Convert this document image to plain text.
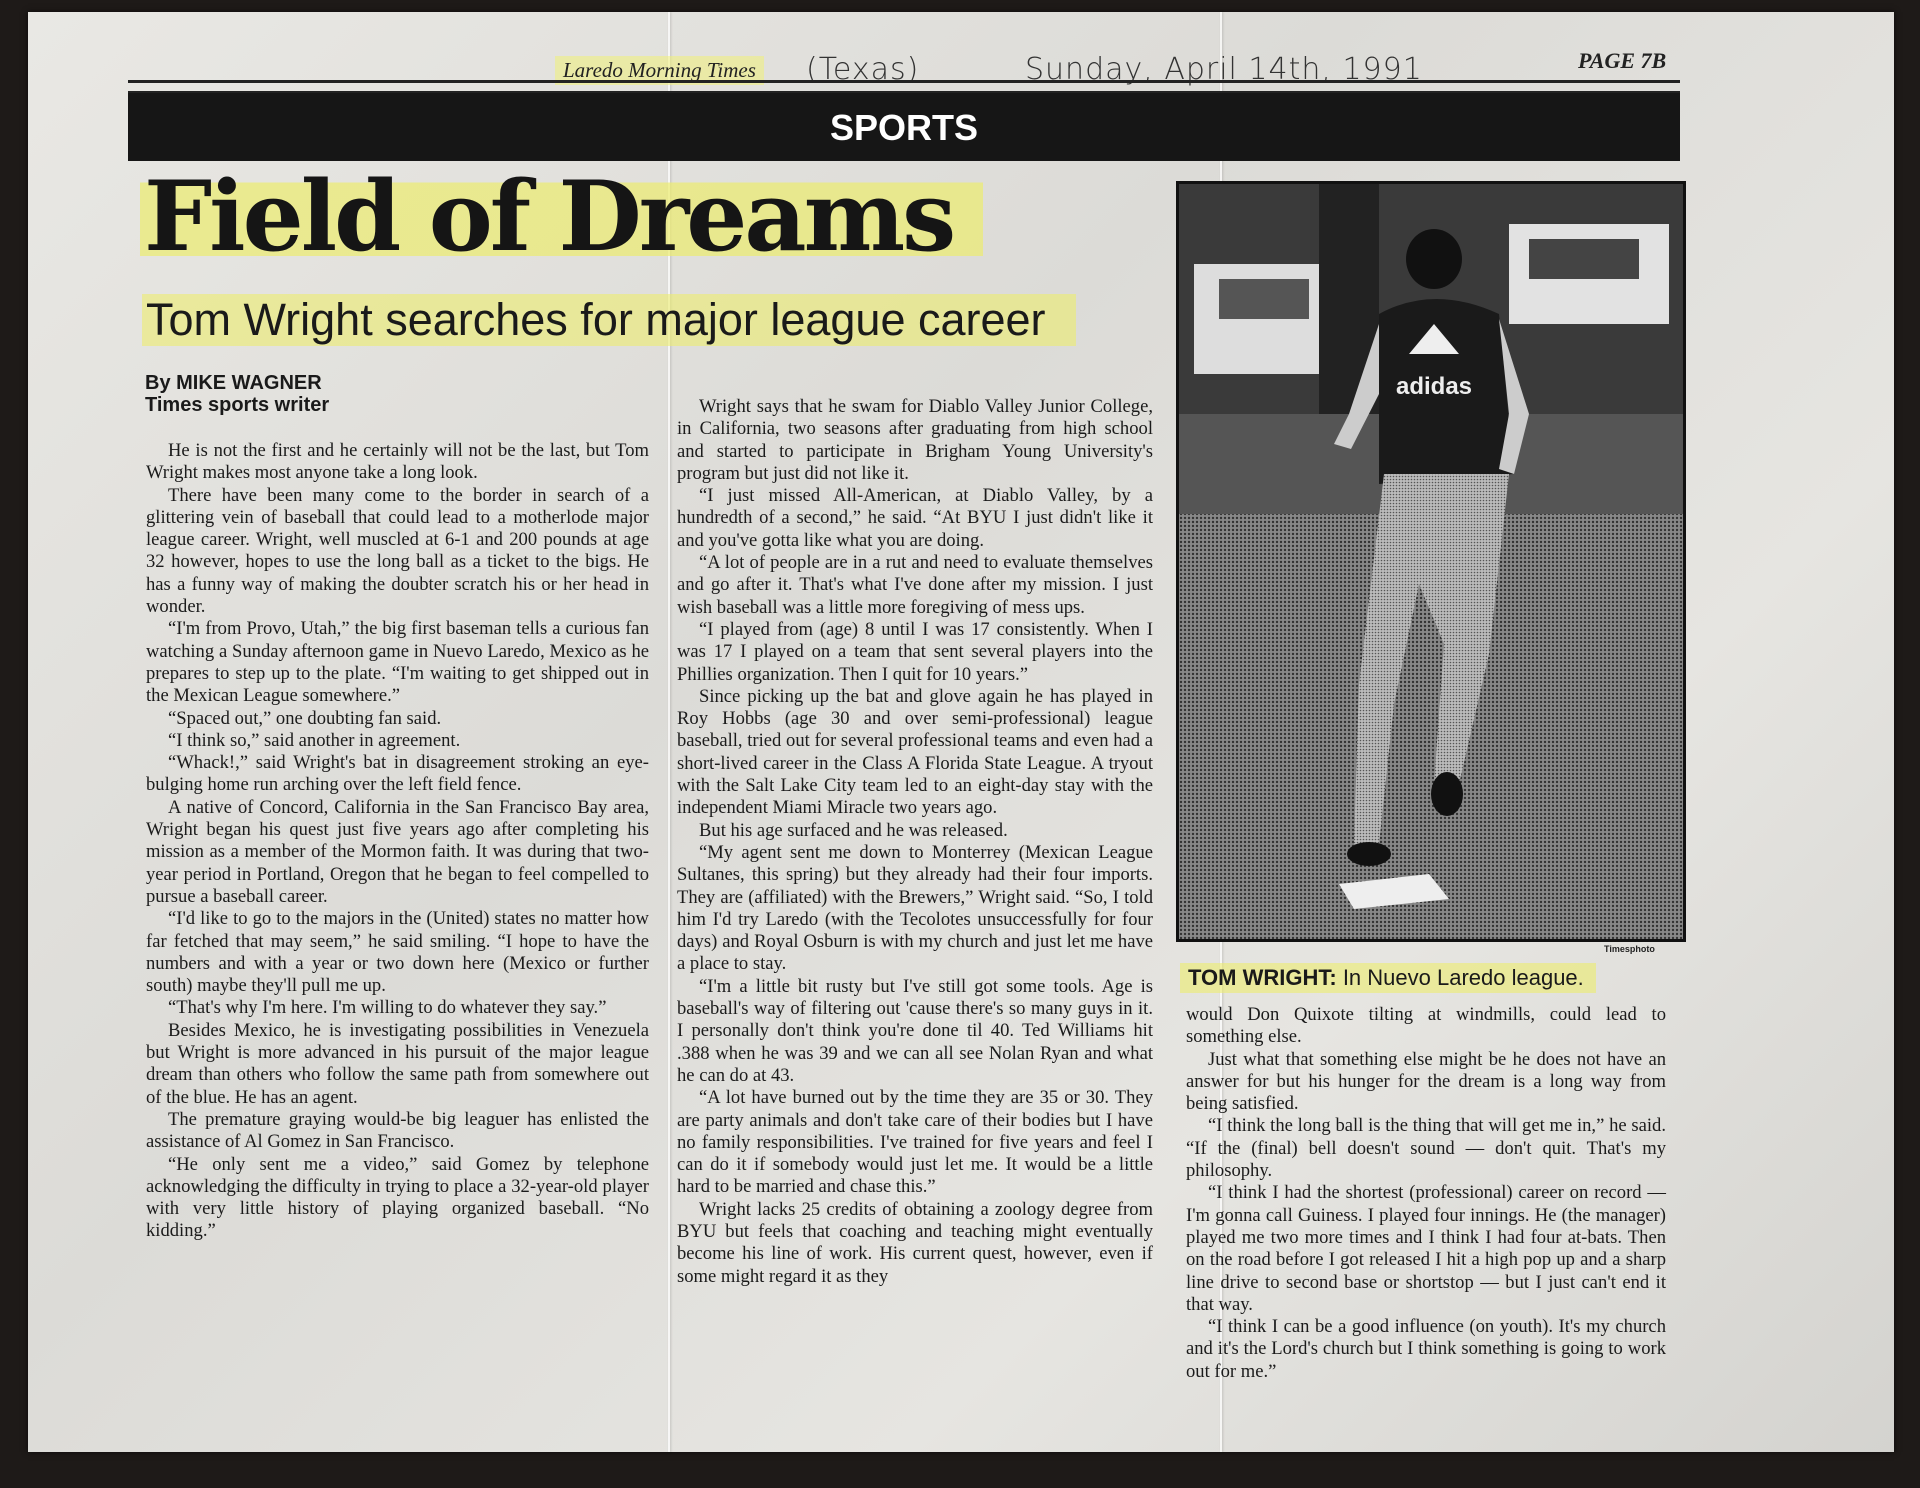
Laredo Morning Times (Texas)	Sunday, April 14th, 1991	PAGE 7B
SPORTS
Field of Dreams
Tom Wright searches for major league career
By MIKE WAGNER
Times sports writer

He is not the first and he certainly will not be the last, but Tom Wright makes most anyone take a long look.

There have been many come to the border in search of a glittering vein of baseball that could lead to a motherlode major league career. Wright, well muscled at 6-1 and 200 pounds at age 32 however, hopes to use the long ball as a ticket to the bigs. He has a funny way of making the doubter scratch his or her head in wonder.

“I'm from Provo, Utah,” the big first baseman tells a curious fan watching a Sunday afternoon game in Nuevo Laredo, Mexico as he prepares to step up to the plate. “I'm waiting to get shipped out in the Mexican League somewhere.”

“Spaced out,” one doubting fan said.

“I think so,” said another in agreement.

“Whack!,” said Wright's bat in disagreement stroking an eye-bulging home run arching over the left field fence.

A native of Concord, California in the San Francisco Bay area, Wright began his quest just five years ago after completing his mission as a member of the Mormon faith. It was during that two-year period in Portland, Oregon that he began to feel compelled to pursue a baseball career.

“I'd like to go to the majors in the (United) states no matter how far fetched that may seem,” he said smiling. “I hope to have the numbers and with a year or two down here (Mexico or further south) maybe they'll pull me up.

“That's why I'm here. I'm willing to do whatever they say.”

Besides Mexico, he is investigating possibilities in Venezuela but Wright is more advanced in his pursuit of the major league dream than others who follow the same path from somewhere out of the blue. He has an agent.

The premature graying would-be big leaguer has enlisted the assistance of Al Gomez in San Francisco.

“He only sent me a video,” said Gomez by telephone acknowledging the difficulty in trying to place a 32-year-old player with very little history of playing organized baseball. “No kidding.”

Wright says that he swam for Diablo Valley Junior College, in California, two seasons after graduating from high school and started to participate in Brigham Young University's program but just did not like it.

“I just missed All-American, at Diablo Valley, by a hundredth of a second,” he said. “At BYU I just didn't like it and you've gotta like what you are doing.

“A lot of people are in a rut and need to evaluate themselves and go after it. That's what I've done after my mission. I just wish baseball was a little more foregiving of mess ups.

“I played from (age) 8 until I was 17 consistently. When I was 17 I played on a team that sent several players into the Phillies organization. Then I quit for 10 years.”

Since picking up the bat and glove again he has played in Roy Hobbs (age 30 and over semi-professional) league baseball, tried out for several professional teams and even had a short-lived career in the Class A Florida State League. A tryout with the Salt Lake City team led to an eight-day stay with the independent Miami Miracle two years ago.

But his age surfaced and he was released.

“My agent sent me down to Monterrey (Mexican League Sultanes, this spring) but they already had their four imports. They are (affiliated) with the Brewers,” Wright said. “So, I told him I'd try Laredo (with the Tecolotes unsuccessfully for four days) and Royal Osburn is with my church and just let me have a place to stay.

“I'm a little bit rusty but I've still got some tools. Age is baseball's way of filtering out 'cause there's so many guys in it. I personally don't think you're done til 40. Ted Williams hit .388 when he was 39 and we can all see Nolan Ryan and what he can do at 43.

“A lot have burned out by the time they are 35 or 30. They are party animals and don't take care of their bodies but I have no family responsibilities. I've trained for five years and feel I can do it if somebody would just let me. It would be a little hard to be married and chase this.”

Wright lacks 25 credits of obtaining a zoology degree from BYU but feels that coaching and teaching might eventually become his line of work. His current quest, however, even if some might regard it as they

would Don Quixote tilting at windmills, could lead to something else.

Just what that something else might be he does not have an answer for but his hunger for the dream is a long way from being satisfied.

“I think the long ball is the thing that will get me in,” he said. “If the (final) bell doesn't sound — don't quit. That's my philosophy.

“I think I had the shortest (professional) career on record — I'm gonna call Guiness. I played four innings. He (the manager) played me two more times and I think I had four at-bats. Then on the road before I got released I hit a high pop up and a sharp line drive to second base or shortstop — but I just can't end it that way.

“I think I can be a good influence (on youth). It's my church and it's the Lord's church but I think something is going to work out for me.”

adidas
Timesphoto
TOM WRIGHT: In Nuevo Laredo league.
